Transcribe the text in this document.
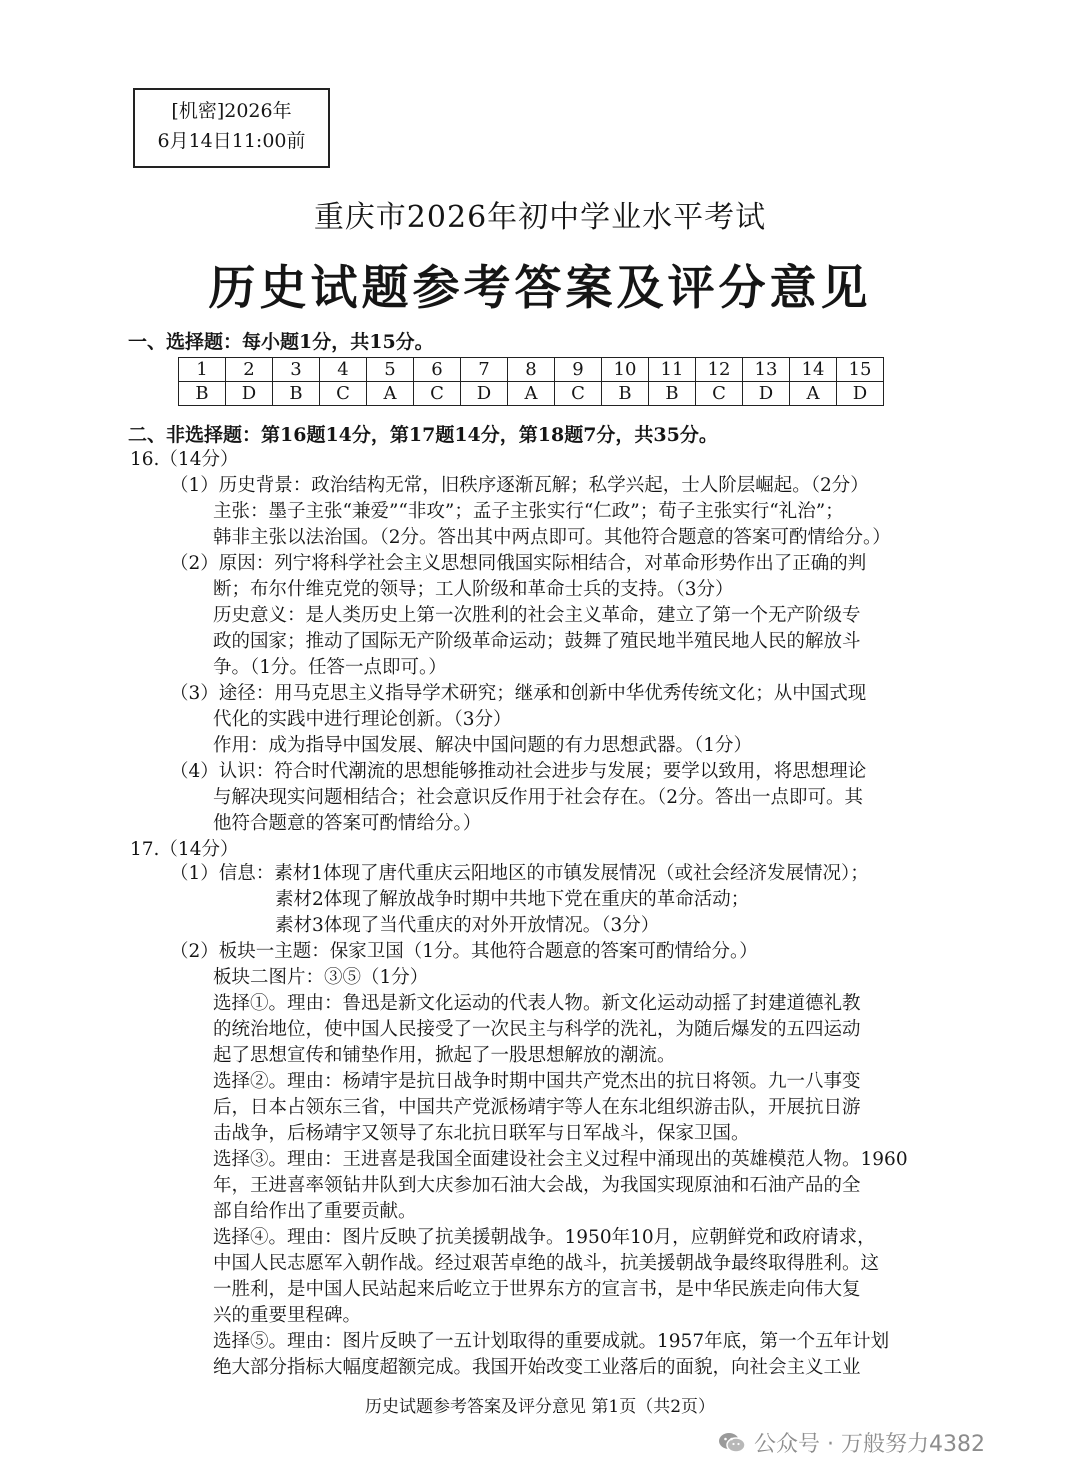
[机密]2026年
6月14日11:00前
重庆市2026年初中学业水平考试
历史试题参考答案及评分意见
一、选择题：每小题1分，共15分。
1	2	3	4	5	6	7	8	9	10	11	12	13	14	15
B	D	B	C	A	C	D	A	C	B	B	C	D	A	D
二、非选择题：第16题14分，第17题14分，第18题7分，共35分。
16.（14分）
（1）历史背景：政治结构无常，旧秩序逐渐瓦解；私学兴起，士人阶层崛起。（2分）
主张：墨子主张“兼爱”“非攻”；孟子主张实行“仁政”；荀子主张实行“礼治”；
韩非主张以法治国。（2分。答出其中两点即可。其他符合题意的答案可酌情给分。）
（2）原因：列宁将科学社会主义思想同俄国实际相结合，对革命形势作出了正确的判
断；布尔什维克党的领导；工人阶级和革命士兵的支持。（3分）
历史意义：是人类历史上第一次胜利的社会主义革命，建立了第一个无产阶级专
政的国家；推动了国际无产阶级革命运动；鼓舞了殖民地半殖民地人民的解放斗
争。（1分。任答一点即可。）
（3）途径：用马克思主义指导学术研究；继承和创新中华优秀传统文化；从中国式现
代化的实践中进行理论创新。（3分）
作用：成为指导中国发展、解决中国问题的有力思想武器。（1分）
（4）认识：符合时代潮流的思想能够推动社会进步与发展；要学以致用，将思想理论
与解决现实问题相结合；社会意识反作用于社会存在。（2分。答出一点即可。其
他符合题意的答案可酌情给分。）
17.（14分）
（1）信息：素材1体现了唐代重庆云阳地区的市镇发展情况（或社会经济发展情况）；
素材2体现了解放战争时期中共地下党在重庆的革命活动；
素材3体现了当代重庆的对外开放情况。（3分）
（2）板块一主题：保家卫国（1分。其他符合题意的答案可酌情给分。）
板块二图片：③⑤（1分）
选择①。理由：鲁迅是新文化运动的代表人物。新文化运动动摇了封建道德礼教
的统治地位，使中国人民接受了一次民主与科学的洗礼，为随后爆发的五四运动
起了思想宣传和铺垫作用，掀起了一股思想解放的潮流。
选择②。理由：杨靖宇是抗日战争时期中国共产党杰出的抗日将领。九一八事变
后，日本占领东三省，中国共产党派杨靖宇等人在东北组织游击队，开展抗日游
击战争，后杨靖宇又领导了东北抗日联军与日军战斗，保家卫国。
选择③。理由：王进喜是我国全面建设社会主义过程中涌现出的英雄模范人物。1960
年，王进喜率领钻井队到大庆参加石油大会战，为我国实现原油和石油产品的全
部自给作出了重要贡献。
选择④。理由：图片反映了抗美援朝战争。1950年10月，应朝鲜党和政府请求，
中国人民志愿军入朝作战。经过艰苦卓绝的战斗，抗美援朝战争最终取得胜利。这
一胜利，是中国人民站起来后屹立于世界东方的宣言书，是中华民族走向伟大复
兴的重要里程碑。
选择⑤。理由：图片反映了一五计划取得的重要成就。1957年底，第一个五年计划
绝大部分指标大幅度超额完成。我国开始改变工业落后的面貌，向社会主义工业
历史试题参考答案及评分意见 第1页（共2页）
公众号 · 万般努力4382
